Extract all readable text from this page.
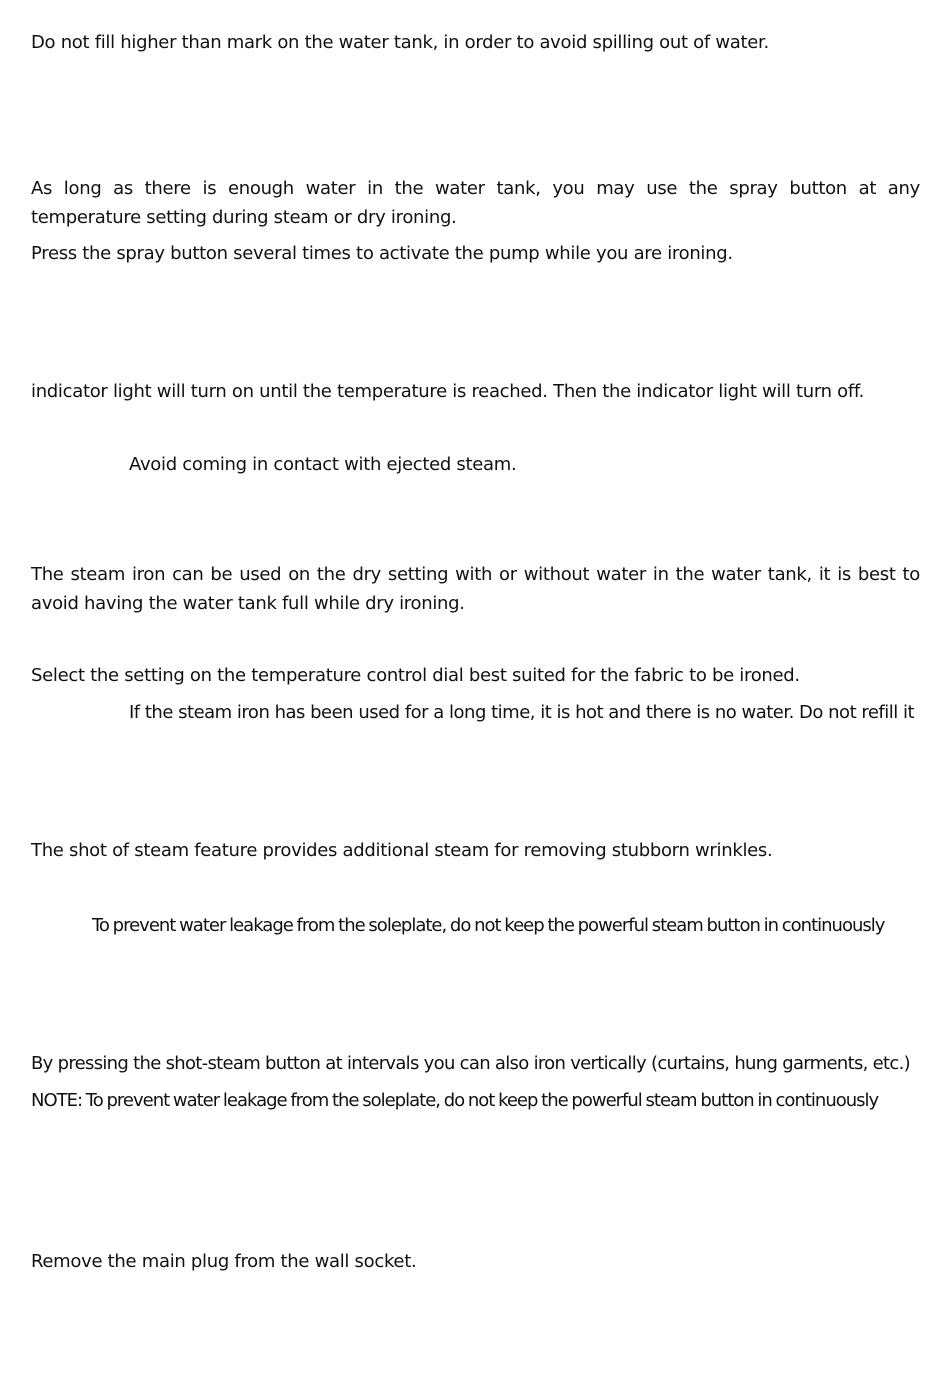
Do not fill higher than mark on the water tank, in order to avoid spilling out of water.

As long as there is enough water in the water tank, you may use the spray button at any temperature setting during steam or dry ironing.

Press the spray button several times to activate the pump while you are ironing.

indicator light will turn on until the temperature is reached. Then the indicator light will turn off.

Avoid coming in contact with ejected steam.

The steam iron can be used on the dry setting with or without water in the water tank, it is best to avoid having the water tank full while dry ironing.

Select the setting on the temperature control dial best suited for the fabric to be ironed.

If the steam iron has been used for a long time, it is hot and there is no water. Do not refill it

The shot of steam feature provides additional steam for removing stubborn wrinkles.

To prevent water leakage from the soleplate, do not keep the powerful steam button in continuously

By pressing the shot-steam button at intervals you can also iron vertically (curtains, hung garments, etc.)

NOTE: To prevent water leakage from the soleplate, do not keep the powerful steam button in continuously

Remove the main plug from the wall socket.
